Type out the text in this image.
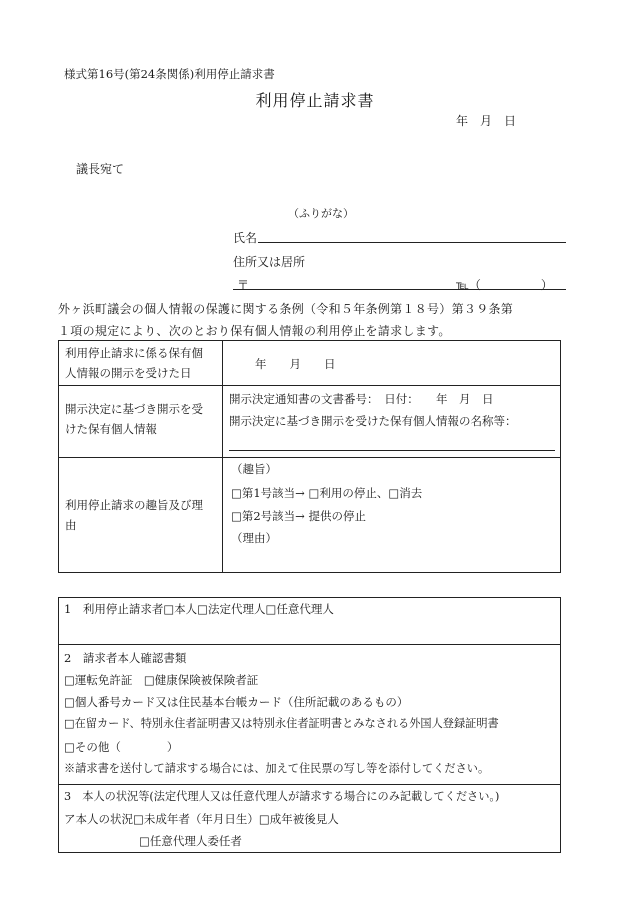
様式第16号(第24条関係)利用停止請求書
利用停止請求書
年　月　日
議長宛て
（ふりがな）
氏名
住所又は居所
〒	℡（　　　　　）

外ヶ浜町議会の個人情報の保護に関する条例（令和５年条例第１８号）第３９条第

１項の規定により、次のとおり保有個人情報の利用停止を請求します。

利用停止請求に係る保有個
人情報の開示を受けた日
年　　月　　日
開示決定に基づき開示を受
けた保有個人情報
開示決定通知書の文書番号：　日付：　　年　月　日
開示決定に基づき開示を受けた保有個人情報の名称等：
利用停止請求の趣旨及び理
由
（趣旨）
□第1号該当→ □利用の停止、□消去
□第2号該当→ 提供の停止
（理由）
1　利用停止請求者□本人□法定代理人□任意代理人
2　請求者本人確認書類
□運転免許証　□健康保険被保険者証
□個人番号カード又は住民基本台帳カード（住所記載のあるもの）
□在留カード、特別永住者証明書又は特別永住者証明書とみなされる外国人登録証明書
□その他（　　　　）
※請求書を送付して請求する場合には、加えて住民票の写し等を添付してください。
3　本人の状況等(法定代理人又は任意代理人が請求する場合にのみ記載してください。)
ア本人の状況□未成年者（年月日生）□成年被後見人
□任意代理人委任者
